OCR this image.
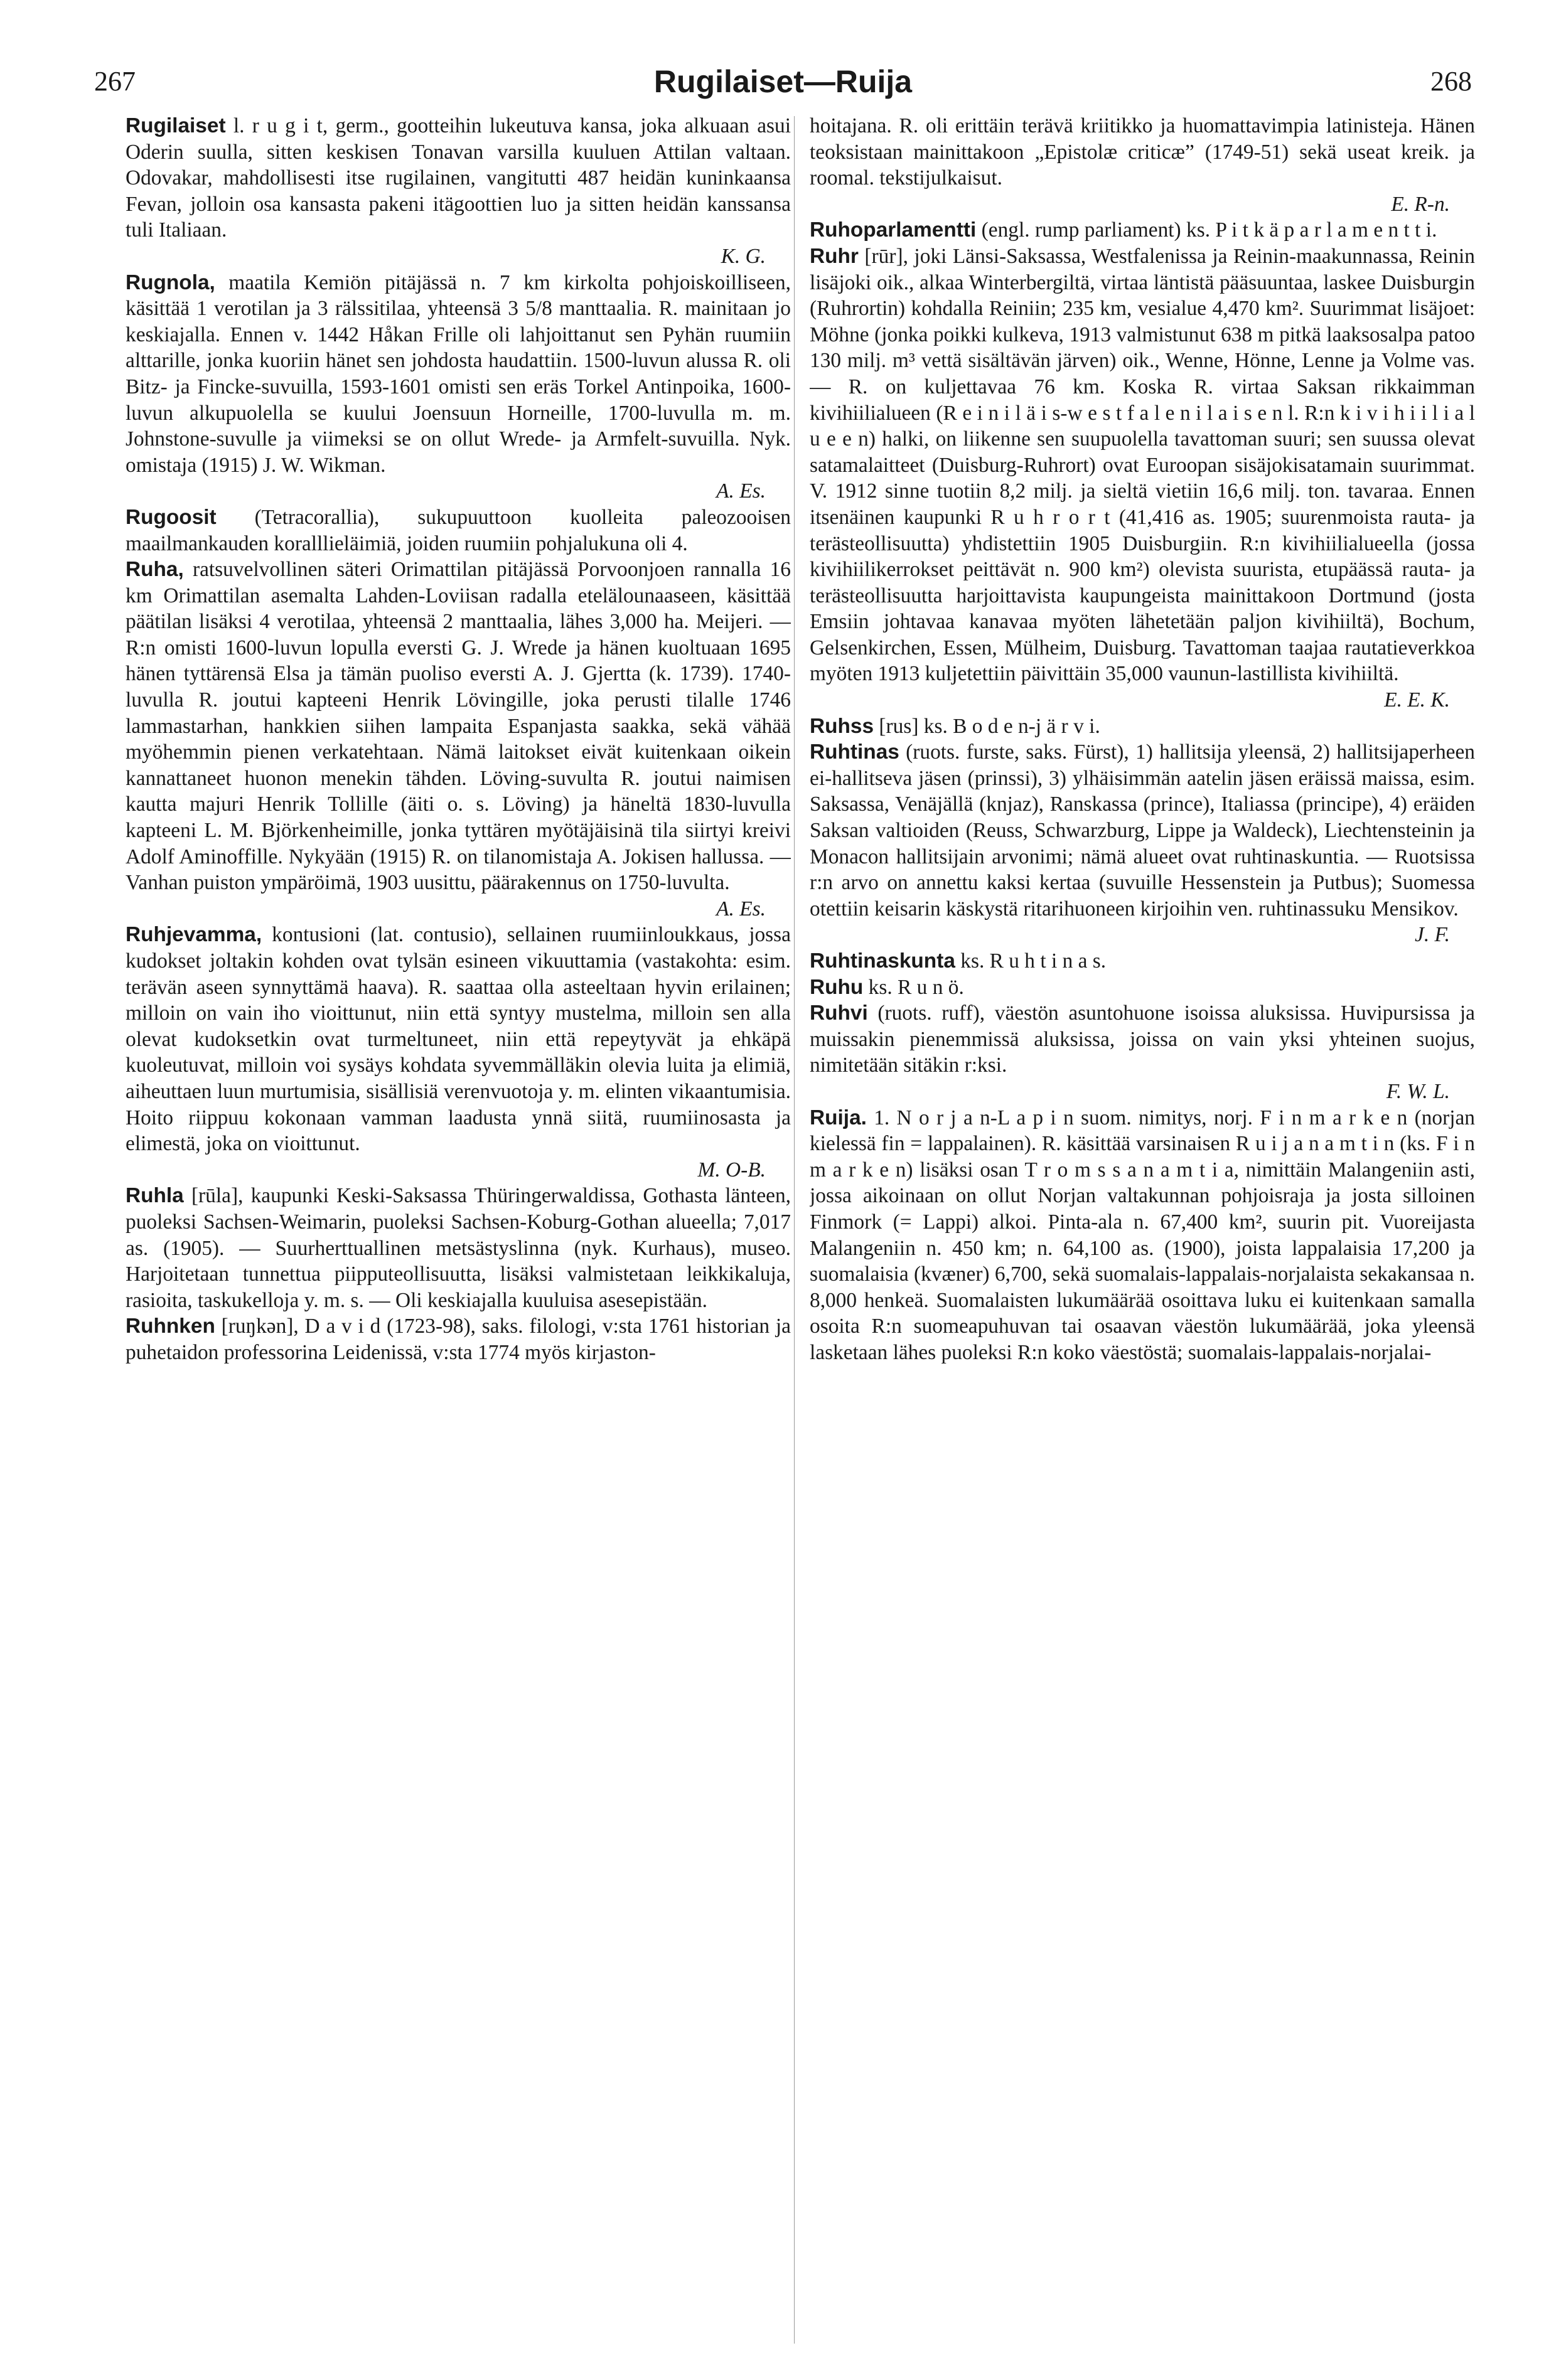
267	Rugilaiset—Ruija	268

Rugilaiset l. r u g i t, germ., gootteihin lukeutuva kansa, joka alkuaan asui Oderin suulla, sitten keskisen Tonavan varsilla kuuluen Attilan valtaan. Odovakar, mahdollisesti itse rugilainen, vangitutti 487 heidän kuninkaansa Fevan, jolloin osa kansasta pakeni itägoottien luo ja sitten heidän kanssansa tuli Italiaan.
K. G.

Rugnola, maatila Kemiön pitäjässä n. 7 km kirkolta pohjoiskoilliseen, käsittää 1 verotilan ja 3 rälssitilaa, yhteensä 3 5/8 manttaalia. R. mainitaan jo keskiajalla. Ennen v. 1442 Håkan Frille oli lahjoittanut sen Pyhän ruumiin alttarille, jonka kuoriin hänet sen johdosta haudattiin. 1500-luvun alussa R. oli Bitz- ja Fincke-suvuilla, 1593-1601 omisti sen eräs Torkel Antinpoika, 1600-luvun alkupuolella se kuului Joensuun Horneille, 1700-luvulla m. m. Johnstone-suvulle ja viimeksi se on ollut Wrede- ja Armfelt-suvuilla. Nyk. omistaja (1915) J. W. Wikman.
A. Es.

Rugoosit (Tetracorallia), sukupuuttoon kuolleita paleozooisen maailmankauden koralllieläimiä, joiden ruumiin pohjalukuna oli 4.

Ruha, ratsuvelvollinen säteri Orimattilan pitäjässä Porvoonjoen rannalla 16 km Orimattilan asemalta Lahden-Loviisan radalla etelälounaaseen, käsittää päätilan lisäksi 4 verotilaa, yhteensä 2 manttaalia, lähes 3,000 ha. Meijeri. — R:n omisti 1600-luvun lopulla eversti G. J. Wrede ja hänen kuoltuaan 1695 hänen tyttärensä Elsa ja tämän puoliso eversti A. J. Gjertta (k. 1739). 1740-luvulla R. joutui kapteeni Henrik Lövingille, joka perusti tilalle 1746 lammastarhan, hankkien siihen lampaita Espanjasta saakka, sekä vähää myöhemmin pienen verkatehtaan. Nämä laitokset eivät kuitenkaan oikein kannattaneet huonon menekin tähden. Löving-suvulta R. joutui naimisen kautta majuri Henrik Tollille (äiti o. s. Löving) ja häneltä 1830-luvulla kapteeni L. M. Björkenheimille, jonka tyttären myötäjäisinä tila siirtyi kreivi Adolf Aminoffille. Nykyään (1915) R. on tilanomistaja A. Jokisen hallussa. — Vanhan puiston ympäröimä, 1903 uusittu, päärakennus on 1750-luvulta.
A. Es.

Ruhjevamma, kontusioni (lat. contusio), sellainen ruumiinloukkaus, jossa kudokset joltakin kohden ovat tylsän esineen vikuuttamia (vastakohta: esim. terävän aseen synnyttämä haava). R. saattaa olla asteeltaan hyvin erilainen; milloin on vain iho vioittunut, niin että syntyy mustelma, milloin sen alla olevat kudoksetkin ovat turmeltuneet, niin että repeytyvät ja ehkäpä kuoleutuvat, milloin voi sysäys kohdata syvemmälläkin olevia luita ja elimiä, aiheuttaen luun murtumisia, sisällisiä verenvuotoja y. m. elinten vikaantumisia. Hoito riippuu kokonaan vamman laadusta ynnä siitä, ruumiinosasta ja elimestä, joka on vioittunut.
M. O-B.

Ruhla [rūla], kaupunki Keski-Saksassa Thüringerwaldissa, Gothasta länteen, puoleksi Sachsen-Weimarin, puoleksi Sachsen-Koburg-Gothan alueella; 7,017 as. (1905). — Suurherttuallinen metsästyslinna (nyk. Kurhaus), museo. Harjoitetaan tunnettua piipputeollisuutta, lisäksi valmistetaan leikkikaluja, rasioita, taskukelloja y. m. s. — Oli keskiajalla kuuluisa asesepistään.

Ruhnken [ruŋkən], D a v i d (1723-98), saks. filologi, v:sta 1761 historian ja puhetaidon professorina Leidenissä, v:sta 1774 myös kirjaston-

hoitajana. R. oli erittäin terävä kriitikko ja huomattavimpia latinisteja. Hänen teoksistaan mainittakoon „Epistolæ criticæ” (1749-51) sekä useat kreik. ja roomal. tekstijulkaisut.
E. R-n.

Ruhoparlamentti (engl. rump parliament) ks. P i t k ä p a r l a m e n t t i.

Ruhr [rūr], joki Länsi-Saksassa, Westfalenissa ja Reinin-maakunnassa, Reinin lisäjoki oik., alkaa Winterbergiltä, virtaa läntistä pääsuuntaa, laskee Duisburgin (Ruhrortin) kohdalla Reiniin; 235 km, vesialue 4,470 km². Suurimmat lisäjoet: Möhne (jonka poikki kulkeva, 1913 valmistunut 638 m pitkä laaksosalpa patoo 130 milj. m³ vettä sisältävän järven) oik., Wenne, Hönne, Lenne ja Volme vas. — R. on kuljettavaa 76 km. Koska R. virtaa Saksan rikkaimman kivihiilialueen (R e i n i l ä i s-w e s t f a l e n i l a i s e n l. R:n k i v i h i i l i a l u e e n) halki, on liikenne sen suupuolella tavattoman suuri; sen suussa olevat satamalaitteet (Duisburg-Ruhrort) ovat Euroopan sisäjokisatamain suurimmat. V. 1912 sinne tuotiin 8,2 milj. ja sieltä vietiin 16,6 milj. ton. tavaraa. Ennen itsenäinen kaupunki R u h r o r t (41,416 as. 1905; suurenmoista rauta- ja terästeollisuutta) yhdistettiin 1905 Duisburgiin. R:n kivihiilialueella (jossa kivihiilikerrokset peittävät n. 900 km²) olevista suurista, etupäässä rauta- ja terästeollisuutta harjoittavista kaupungeista mainittakoon Dortmund (josta Emsiin johtavaa kanavaa myöten lähetetään paljon kivihiiltä), Bochum, Gelsenkirchen, Essen, Mülheim, Duisburg. Tavattoman taajaa rautatieverkkoa myöten 1913 kuljetettiin päivittäin 35,000 vaunun-lastillista kivihiiltä.
E. E. K.

Ruhss [rus] ks. B o d e n-j ä r v i.

Ruhtinas (ruots. furste, saks. Fürst), 1) hallitsija yleensä, 2) hallitsijaperheen ei-hallitseva jäsen (prinssi), 3) ylhäisimmän aatelin jäsen eräissä maissa, esim. Saksassa, Venäjällä (knjaz), Ranskassa (prince), Italiassa (principe), 4) eräiden Saksan valtioiden (Reuss, Schwarzburg, Lippe ja Waldeck), Liechtensteinin ja Monacon hallitsijain arvonimi; nämä alueet ovat ruhtinaskuntia. — Ruotsissa r:n arvo on annettu kaksi kertaa (suvuille Hessenstein ja Putbus); Suomessa otettiin keisarin käskystä ritarihuoneen kirjoihin ven. ruhtinassuku Mensikov.
J. F.

Ruhtinaskunta ks. R u h t i n a s.

Ruhu ks. R u n ö.

Ruhvi (ruots. ruff), väestön asuntohuone isoissa aluksissa. Huvipursissa ja muissakin pienemmissä aluksissa, joissa on vain yksi yhteinen suojus, nimitetään sitäkin r:ksi.
F. W. L.

Ruija. 1. N o r j a n-L a p i n suom. nimitys, norj. F i n m a r k e n (norjan kielessä fin = lappalainen). R. käsittää varsinaisen R u i j a n a m t i n (ks. F i n m a r k e n) lisäksi osan T r o m s s a n a m t i a, nimittäin Malangeniin asti, jossa aikoinaan on ollut Norjan valtakunnan pohjoisraja ja josta silloinen Finmork (= Lappi) alkoi. Pinta-ala n. 67,400 km², suurin pit. Vuoreijasta Malangeniin n. 450 km; n. 64,100 as. (1900), joista lappalaisia 17,200 ja suomalaisia (kvæner) 6,700, sekä suomalais-lappalais-norjalaista sekakansaa n. 8,000 henkeä. Suomalaisten lukumäärää osoittava luku ei kuitenkaan samalla osoita R:n suomeapuhuvan tai osaavan väestön lukumäärää, joka yleensä lasketaan lähes puoleksi R:n koko väestöstä; suomalais-lappalais-norjalai-
